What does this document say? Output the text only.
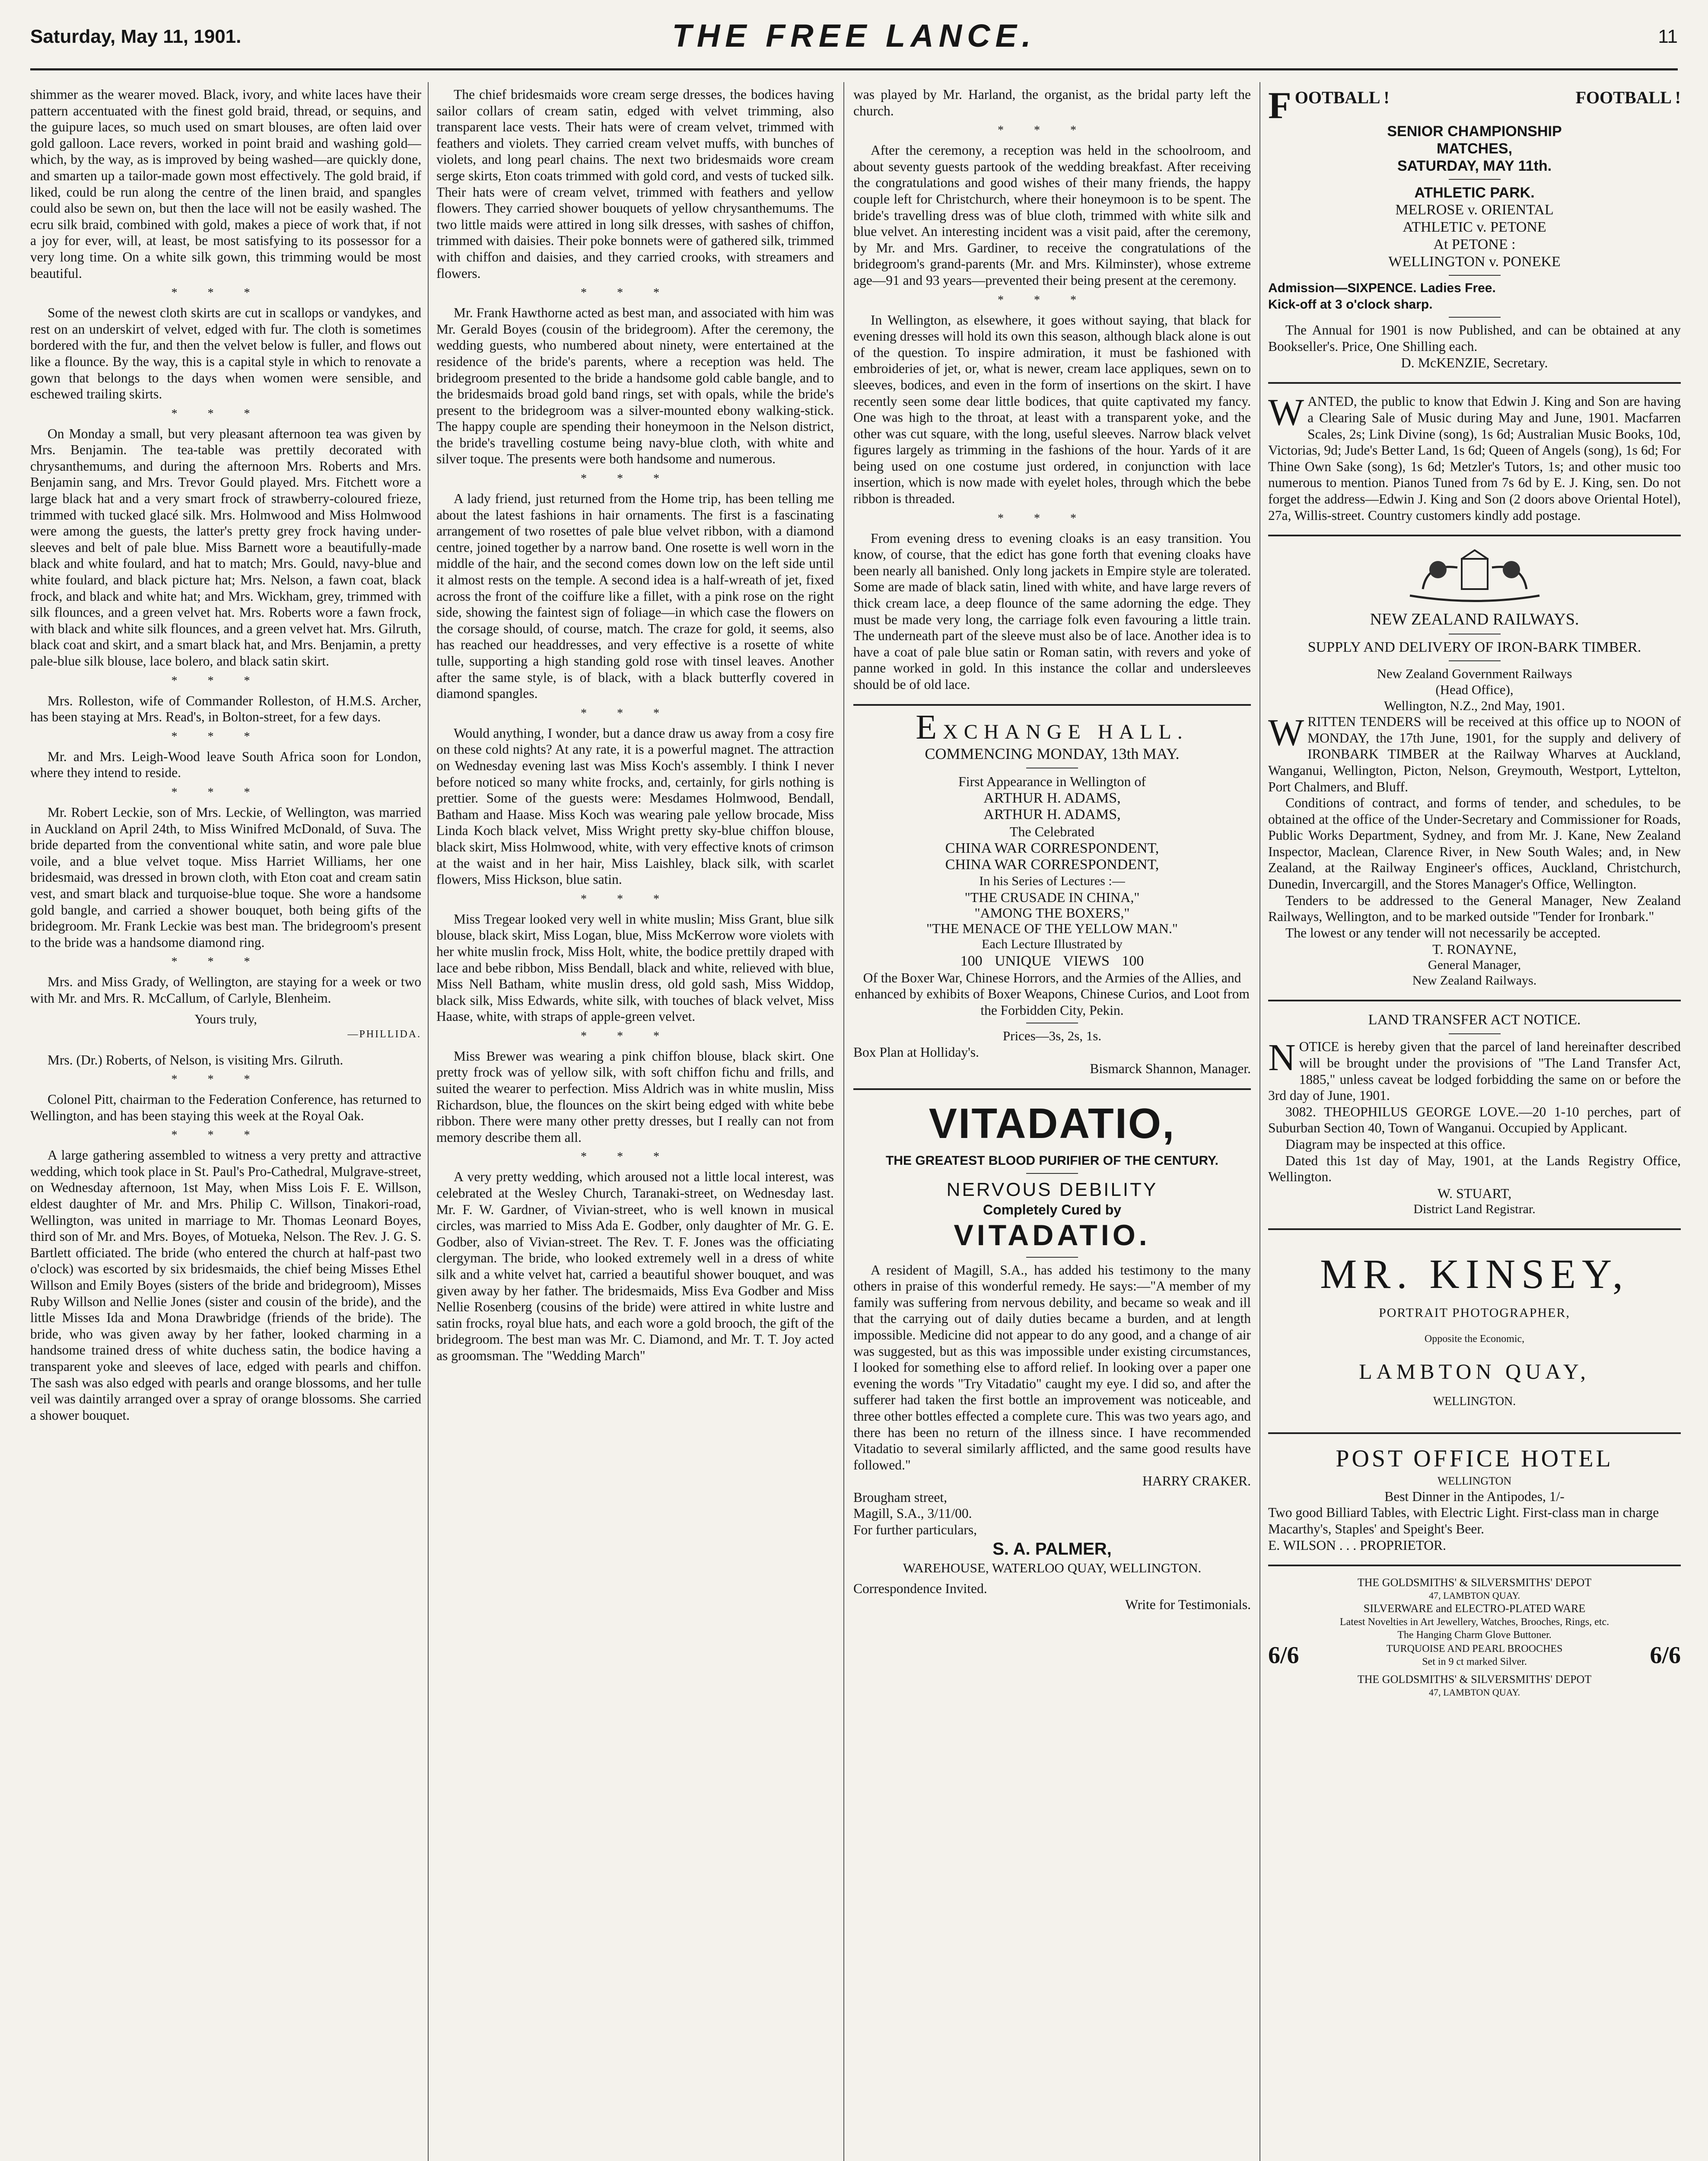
Saturday, May 11, 1901.	THE FREE LANCE.	11

shimmer as the wearer moved. Black, ivory, and white laces have their pattern accentuated with the finest gold braid, thread, or sequins, and the guipure laces, so much used on smart blouses, are often laid over gold galloon. Lace revers, worked in point braid and washing gold—which, by the way, as is improved by being washed—are quickly done, and smarten up a tailor-made gown most effectively. The gold braid, if liked, could be run along the centre of the linen braid, and spangles could also be sewn on, but then the lace will not be easily washed. The ecru silk braid, combined with gold, makes a piece of work that, if not a joy for ever, will, at least, be most satisfying to its possessor for a very long time. On a white silk gown, this trimming would be most beautiful.

***

Some of the newest cloth skirts are cut in scallops or vandykes, and rest on an underskirt of velvet, edged with fur. The cloth is sometimes bordered with the fur, and then the velvet below is fuller, and flows out like a flounce. By the way, this is a capital style in which to renovate a gown that belongs to the days when women were sensible, and eschewed trailing skirts.

***

On Monday a small, but very pleasant afternoon tea was given by Mrs. Benjamin. The tea-table was prettily decorated with chrysanthemums, and during the afternoon Mrs. Roberts and Mrs. Benjamin sang, and Mrs. Trevor Gould played. Mrs. Fitchett wore a large black hat and a very smart frock of strawberry-coloured frieze, trimmed with tucked glacé silk. Mrs. Holmwood and Miss Holmwood were among the guests, the latter's pretty grey frock having under-sleeves and belt of pale blue. Miss Barnett wore a beautifully-made black and white foulard, and hat to match; Mrs. Gould, navy-blue and white foulard, and black picture hat; Mrs. Nelson, a fawn coat, black frock, and black and white hat; and Mrs. Wickham, grey, trimmed with silk flounces, and a green velvet hat. Mrs. Roberts wore a fawn frock, with black and white silk flounces, and a green velvet hat. Mrs. Gilruth, black coat and skirt, and a smart black hat, and Mrs. Benjamin, a pretty pale-blue silk blouse, lace bolero, and black satin skirt.

***

Mrs. Rolleston, wife of Commander Rolleston, of H.M.S. Archer, has been staying at Mrs. Read's, in Bolton-street, for a few days.

***

Mr. and Mrs. Leigh-Wood leave South Africa soon for London, where they intend to reside.

***

Mr. Robert Leckie, son of Mrs. Leckie, of Wellington, was married in Auckland on April 24th, to Miss Winifred McDonald, of Suva. The bride departed from the conventional white satin, and wore pale blue voile, and a blue velvet toque. Miss Harriet Williams, her one bridesmaid, was dressed in brown cloth, with Eton coat and cream satin vest, and smart black and turquoise-blue toque. She wore a handsome gold bangle, and carried a shower bouquet, both being gifts of the bridegroom. Mr. Frank Leckie was best man. The bridegroom's present to the bride was a handsome diamond ring.

***

Mrs. and Miss Grady, of Wellington, are staying for a week or two with Mr. and Mrs. R. McCallum, of Carlyle, Blenheim.

Yours truly,

—PHILLIDA.

Mrs. (Dr.) Roberts, of Nelson, is visiting Mrs. Gilruth.

***

Colonel Pitt, chairman to the Federation Conference, has returned to Wellington, and has been staying this week at the Royal Oak.

***

A large gathering assembled to witness a very pretty and attractive wedding, which took place in St. Paul's Pro-Cathedral, Mulgrave-street, on Wednesday afternoon, 1st May, when Miss Lois F. E. Willson, eldest daughter of Mr. and Mrs. Philip C. Willson, Tinakori-road, Wellington, was united in marriage to Mr. Thomas Leonard Boyes, third son of Mr. and Mrs. Boyes, of Motueka, Nelson. The Rev. J. G. S. Bartlett officiated. The bride (who entered the church at half-past two o'clock) was escorted by six bridesmaids, the chief being Misses Ethel Willson and Emily Boyes (sisters of the bride and bridegroom), Misses Ruby Willson and Nellie Jones (sister and cousin of the bride), and the little Misses Ida and Mona Drawbridge (friends of the bride). The bride, who was given away by her father, looked charming in a handsome trained dress of white duchess satin, the bodice having a transparent yoke and sleeves of lace, edged with pearls and chiffon. The sash was also edged with pearls and orange blossoms, and her tulle veil was daintily arranged over a spray of orange blossoms. She carried a shower bouquet.

The chief bridesmaids wore cream serge dresses, the bodices having sailor collars of cream satin, edged with velvet trimming, also transparent lace vests. Their hats were of cream velvet, trimmed with feathers and violets. They carried cream velvet muffs, with bunches of violets, and long pearl chains. The next two bridesmaids wore cream serge skirts, Eton coats trimmed with gold cord, and vests of tucked silk. Their hats were of cream velvet, trimmed with feathers and yellow flowers. They carried shower bouquets of yellow chrysanthemums. The two little maids were attired in long silk dresses, with sashes of chiffon, trimmed with daisies. Their poke bonnets were of gathered silk, trimmed with chiffon and daisies, and they carried crooks, with streamers and flowers.

***

Mr. Frank Hawthorne acted as best man, and associated with him was Mr. Gerald Boyes (cousin of the bridegroom). After the ceremony, the wedding guests, who numbered about ninety, were entertained at the residence of the bride's parents, where a reception was held. The bridegroom presented to the bride a handsome gold cable bangle, and to the bridesmaids broad gold band rings, set with opals, while the bride's present to the bridegroom was a silver-mounted ebony walking-stick. The happy couple are spending their honeymoon in the Nelson district, the bride's travelling costume being navy-blue cloth, with white and silver toque. The presents were both handsome and numerous.

***

A lady friend, just returned from the Home trip, has been telling me about the latest fashions in hair ornaments. The first is a fascinating arrangement of two rosettes of pale blue velvet ribbon, with a diamond centre, joined together by a narrow band. One rosette is well worn in the middle of the hair, and the second comes down low on the left side until it almost rests on the temple. A second idea is a half-wreath of jet, fixed across the front of the coiffure like a fillet, with a pink rose on the right side, showing the faintest sign of foliage—in which case the flowers on the corsage should, of course, match. The craze for gold, it seems, also has reached our headdresses, and very effective is a rosette of white tulle, supporting a high standing gold rose with tinsel leaves. Another after the same style, is of black, with a black butterfly covered in diamond spangles.

***

Would anything, I wonder, but a dance draw us away from a cosy fire on these cold nights? At any rate, it is a powerful magnet. The attraction on Wednesday evening last was Miss Koch's assembly. I think I never before noticed so many white frocks, and, certainly, for girls nothing is prettier. Some of the guests were: Mesdames Holmwood, Bendall, Batham and Haase. Miss Koch was wearing pale yellow brocade, Miss Linda Koch black velvet, Miss Wright pretty sky-blue chiffon blouse, black skirt, Miss Holmwood, white, with very effective knots of crimson at the waist and in her hair, Miss Laishley, black silk, with scarlet flowers, Miss Hickson, blue satin.

***

Miss Tregear looked very well in white muslin; Miss Grant, blue silk blouse, black skirt, Miss Logan, blue, Miss McKerrow wore violets with her white muslin frock, Miss Holt, white, the bodice prettily draped with lace and bebe ribbon, Miss Bendall, black and white, relieved with blue, Miss Nell Batham, white muslin dress, old gold sash, Miss Widdop, black silk, Miss Edwards, white silk, with touches of black velvet, Miss Haase, white, with straps of apple-green velvet.

***

Miss Brewer was wearing a pink chiffon blouse, black skirt. One pretty frock was of yellow silk, with soft chiffon fichu and frills, and suited the wearer to perfection. Miss Aldrich was in white muslin, Miss Richardson, blue, the flounces on the skirt being edged with white bebe ribbon. There were many other pretty dresses, but I really can not from memory describe them all.

***

A very pretty wedding, which aroused not a little local interest, was celebrated at the Wesley Church, Taranaki-street, on Wednesday last. Mr. F. W. Gardner, of Vivian-street, who is well known in musical circles, was married to Miss Ada E. Godber, only daughter of Mr. G. E. Godber, also of Vivian-street. The Rev. T. F. Jones was the officiating clergyman. The bride, who looked extremely well in a dress of white silk and a white velvet hat, carried a beautiful shower bouquet, and was given away by her father. The bridesmaids, Miss Eva Godber and Miss Nellie Rosenberg (cousins of the bride) were attired in white lustre and satin frocks, royal blue hats, and each wore a gold brooch, the gift of the bridegroom. The best man was Mr. C. Diamond, and Mr. T. T. Joy acted as groomsman. The "Wedding March"

was played by Mr. Harland, the organist, as the bridal party left the church.

***

After the ceremony, a reception was held in the schoolroom, and about seventy guests partook of the wedding breakfast. After receiving the congratulations and good wishes of their many friends, the happy couple left for Christchurch, where their honeymoon is to be spent. The bride's travelling dress was of blue cloth, trimmed with white silk and blue velvet. An interesting incident was a visit paid, after the ceremony, by Mr. and Mrs. Gardiner, to receive the congratulations of the bridegroom's grand-parents (Mr. and Mrs. Kilminster), whose extreme age—91 and 93 years—prevented their being present at the ceremony.

***

In Wellington, as elsewhere, it goes without saying, that black for evening dresses will hold its own this season, although black alone is out of the question. To inspire admiration, it must be fashioned with embroideries of jet, or, what is newer, cream lace appliques, sewn on to sleeves, bodices, and even in the form of insertions on the skirt. I have recently seen some dear little bodices, that quite captivated my fancy. One was high to the throat, at least with a transparent yoke, and the other was cut square, with the long, useful sleeves. Narrow black velvet figures largely as trimming in the fashions of the hour. Yards of it are being used on one costume just ordered, in conjunction with lace insertion, which is now made with eyelet holes, through which the bebe ribbon is threaded.

***

From evening dress to evening cloaks is an easy transition. You know, of course, that the edict has gone forth that evening cloaks have been nearly all banished. Only long jackets in Empire style are tolerated. Some are made of black satin, lined with white, and have large revers of thick cream lace, a deep flounce of the same adorning the edge. They must be made very long, the carriage folk even favouring a little train. The underneath part of the sleeve must also be of lace. Another idea is to have a coat of pale blue satin or Roman satin, with revers and yoke of panne worked in gold. In this instance the collar and undersleeves should be of old lace.

EXCHANGE HALL.

COMMENCING MONDAY, 13th MAY.

First Appearance in Wellington of

ARTHUR H. ADAMS,

ARTHUR H. ADAMS,

The Celebrated

CHINA WAR CORRESPONDENT,

CHINA WAR CORRESPONDENT,

In his Series of Lectures :—

"THE CRUSADE IN CHINA,"

"AMONG THE BOXERS,"

"THE MENACE OF THE YELLOW MAN."

Each Lecture Illustrated by

100 UNIQUE VIEWS 100

Of the Boxer War, Chinese Horrors, and the Armies of the Allies, and enhanced by exhibits of Boxer Weapons, Chinese Curios, and Loot from the Forbidden City, Pekin.

Prices—3s, 2s, 1s.

Box Plan at Holliday's.

Bismarck Shannon, Manager.

VITADATIO,

THE GREATEST BLOOD PURIFIER OF THE CENTURY.

NERVOUS DEBILITY

Completely Cured by

VITADATIO.

A resident of Magill, S.A., has added his testimony to the many others in praise of this wonderful remedy. He says:—"A member of my family was suffering from nervous debility, and became so weak and ill that the carrying out of daily duties became a burden, and at length impossible. Medicine did not appear to do any good, and a change of air was suggested, but as this was impossible under existing circumstances, I looked for something else to afford relief. In looking over a paper one evening the words "Try Vitadatio" caught my eye. I did so, and after the sufferer had taken the first bottle an improvement was noticeable, and three other bottles effected a complete cure. This was two years ago, and there has been no return of the illness since. I have recommended Vitadatio to several similarly afflicted, and the same good results have followed."

HARRY CRAKER.

Brougham street,

Magill, S.A., 3/11/00.

For further particulars,

S. A. PALMER,

WAREHOUSE, WATERLOO QUAY, WELLINGTON.

Correspondence Invited.

Write for Testimonials.

F OOTBALL !	FOOTBALL !

SENIOR CHAMPIONSHIP

MATCHES,

SATURDAY, MAY 11th.

ATHLETIC PARK.

MELROSE v. ORIENTAL

ATHLETIC v. PETONE

At PETONE :

WELLINGTON v. PONEKE

Admission—SIXPENCE. Ladies Free.

Kick-off at 3 o'clock sharp.

The Annual for 1901 is now Published, and can be obtained at any Bookseller's. Price, One Shilling each.

D. McKENZIE, Secretary.

W ANTED, the public to know that Edwin J. King and Son are having a Clearing Sale of Music during May and June, 1901. Macfarren Scales, 2s; Link Divine (song), 1s 6d; Australian Music Books, 10d, Victorias, 9d; Jude's Better Land, 1s 6d; Queen of Angels (song), 1s 6d; For Thine Own Sake (song), 1s 6d; Metzler's Tutors, 1s; and other music too numerous to mention. Pianos Tuned from 7s 6d by E. J. King, sen. Do not forget the address—Edwin J. King and Son (2 doors above Oriental Hotel), 27a, Willis-street. Country customers kindly add postage.

NEW ZEALAND RAILWAYS.

SUPPLY AND DELIVERY OF IRON-BARK TIMBER.

New Zealand Government Railways

(Head Office),

Wellington, N.Z., 2nd May, 1901.

W RITTEN TENDERS will be received at this office up to NOON of MONDAY, the 17th June, 1901, for the supply and delivery of IRONBARK TIMBER at the Railway Wharves at Auckland, Wanganui, Wellington, Picton, Nelson, Greymouth, Westport, Lyttelton, Port Chalmers, and Bluff.

Conditions of contract, and forms of tender, and schedules, to be obtained at the office of the Under-Secretary and Commissioner for Roads, Public Works Department, Sydney, and from Mr. J. Kane, New Zealand Inspector, Maclean, Clarence River, in New South Wales; and, in New Zealand, at the Railway Engineer's offices, Auckland, Christchurch, Dunedin, Invercargill, and the Stores Manager's Office, Wellington.

Tenders to be addressed to the General Manager, New Zealand Railways, Wellington, and to be marked outside "Tender for Ironbark."

The lowest or any tender will not necessarily be accepted.

T. RONAYNE,

General Manager,

New Zealand Railways.

LAND TRANSFER ACT NOTICE.

N OTICE is hereby given that the parcel of land hereinafter described will be brought under the provisions of "The Land Transfer Act, 1885," unless caveat be lodged forbidding the same on or before the 3rd day of June, 1901.

3082. THEOPHILUS GEORGE LOVE.—20 1-10 perches, part of Suburban Section 40, Town of Wanganui. Occupied by Applicant.

Diagram may be inspected at this office.

Dated this 1st day of May, 1901, at the Lands Registry Office, Wellington.

W. STUART,

District Land Registrar.

MR. KINSEY,

PORTRAIT PHOTOGRAPHER,

Opposite the Economic,

LAMBTON QUAY,

WELLINGTON.

POST OFFICE HOTEL

WELLINGTON

Best Dinner in the Antipodes, 1/-

Two good Billiard Tables, with Electric Light. First-class man in charge

Macarthy's, Staples' and Speight's Beer.

E. WILSON . . . PROPRIETOR.

THE GOLDSMITHS' & SILVERSMITHS' DEPOT

47, LAMBTON QUAY.

SILVERWARE and ELECTRO-PLATED WARE

Latest Novelties in Art Jewellery, Watches, Brooches, Rings, etc.

The Hanging Charm Glove Buttoner.

6/6	TURQUOISE AND PEARL BROOCHES
Set in 9 ct marked Silver.	6/6

THE GOLDSMITHS' & SILVERSMITHS' DEPOT

47, LAMBTON QUAY.
